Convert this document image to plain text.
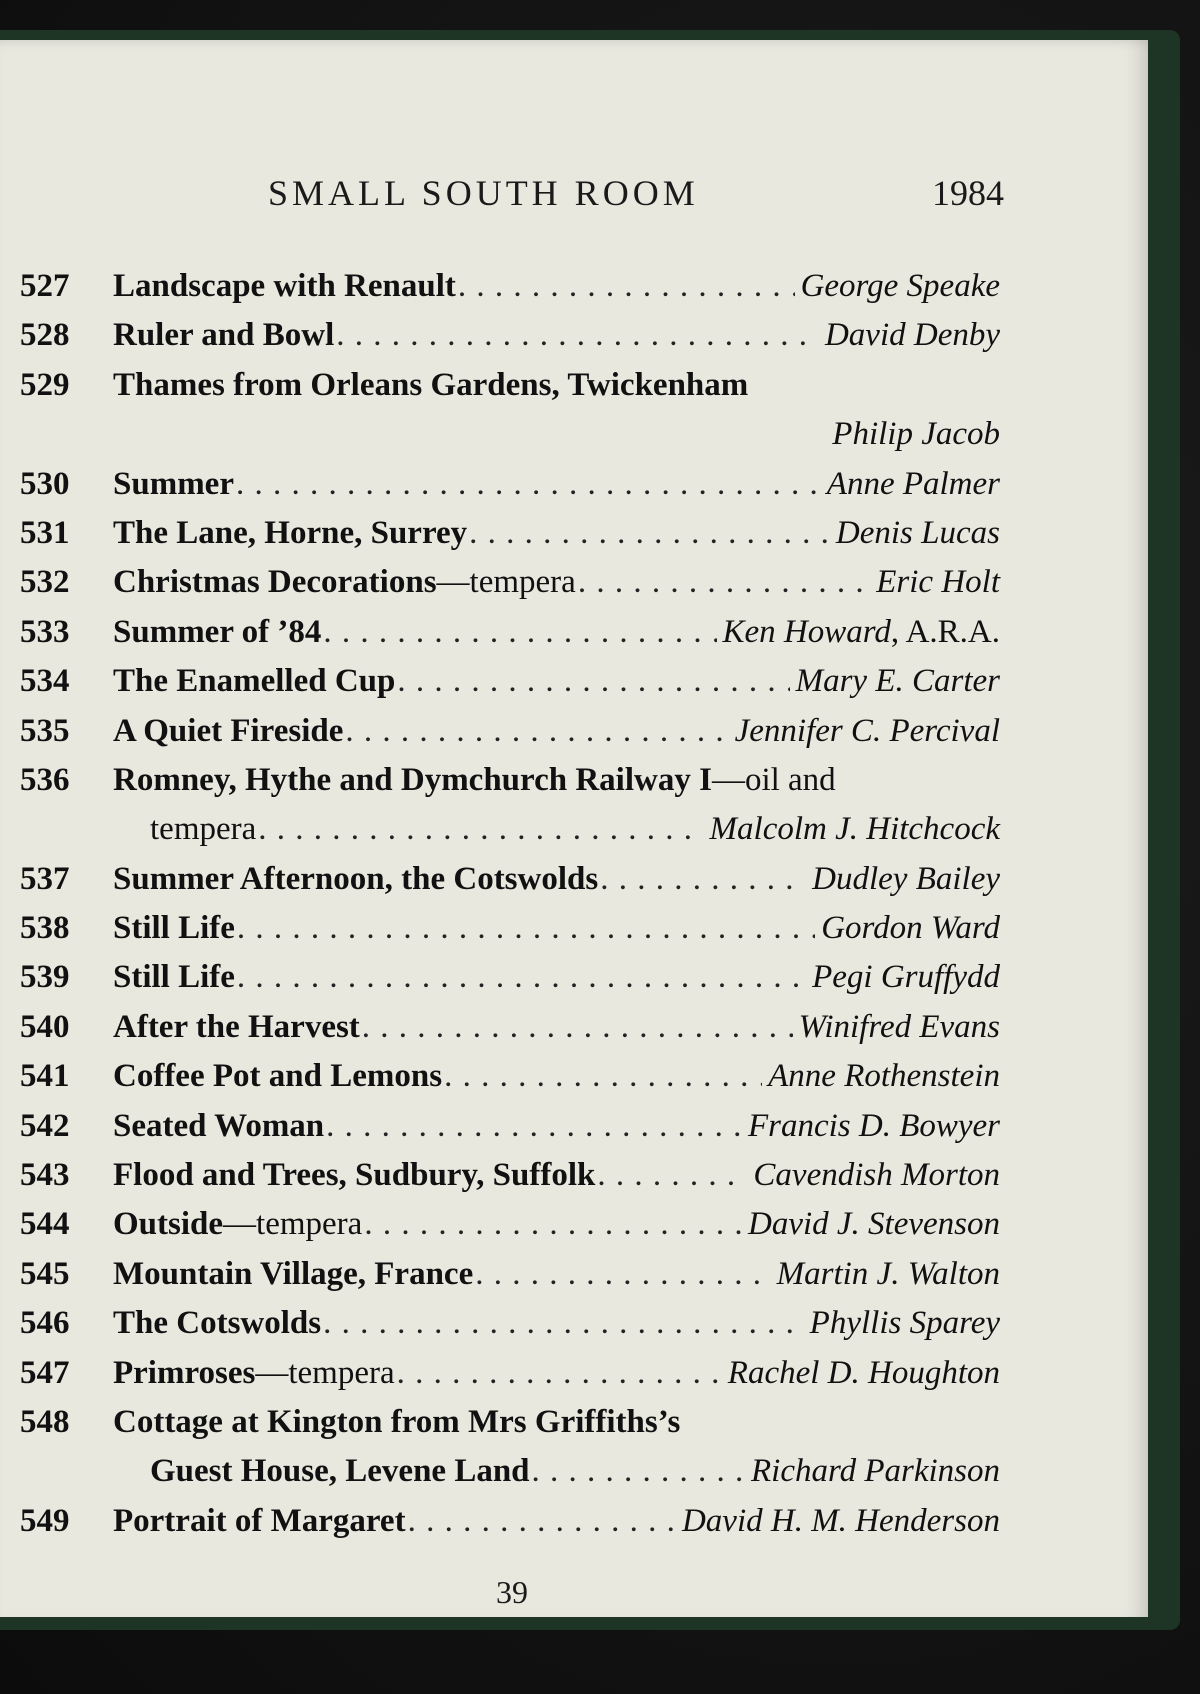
SMALL SOUTH ROOM	1984
527	Landscape with Renault . . .	George Speake
528	Ruler and Bowl . . .	David Denby
529	Thames from Orleans Gardens, Twickenham
Philip Jacob
530	Summer . . .	Anne Palmer
531	The Lane, Horne, Surrey . . .	Denis Lucas
532	Christmas Decorations —tempera . . .	Eric Holt
533	Summer of ’84 . . .	Ken Howard, A.R.A.
534	The Enamelled Cup . . .	Mary E. Carter
535	A Quiet Fireside . . .	Jennifer C. Percival
536	Romney, Hythe and Dymchurch Railway I —oil and
tempera . . .	Malcolm J. Hitchcock
537	Summer Afternoon, the Cotswolds . . .	Dudley Bailey
538	Still Life . . .	Gordon Ward
539	Still Life . . .	Pegi Gruffydd
540	After the Harvest . . .	Winifred Evans
541	Coffee Pot and Lemons . . .	Anne Rothenstein
542	Seated Woman . . .	Francis D. Bowyer
543	Flood and Trees, Sudbury, Suffolk . . .	Cavendish Morton
544	Outside —tempera . . .	David J. Stevenson
545	Mountain Village, France . . .	Martin J. Walton
546	The Cotswolds . . .	Phyllis Sparey
547	Primroses —tempera . . .	Rachel D. Houghton
548	Cottage at Kington from Mrs Griffiths’s
Guest House, Levene Land . . .	Richard Parkinson
549	Portrait of Margaret . . .	David H. M. Henderson
39
